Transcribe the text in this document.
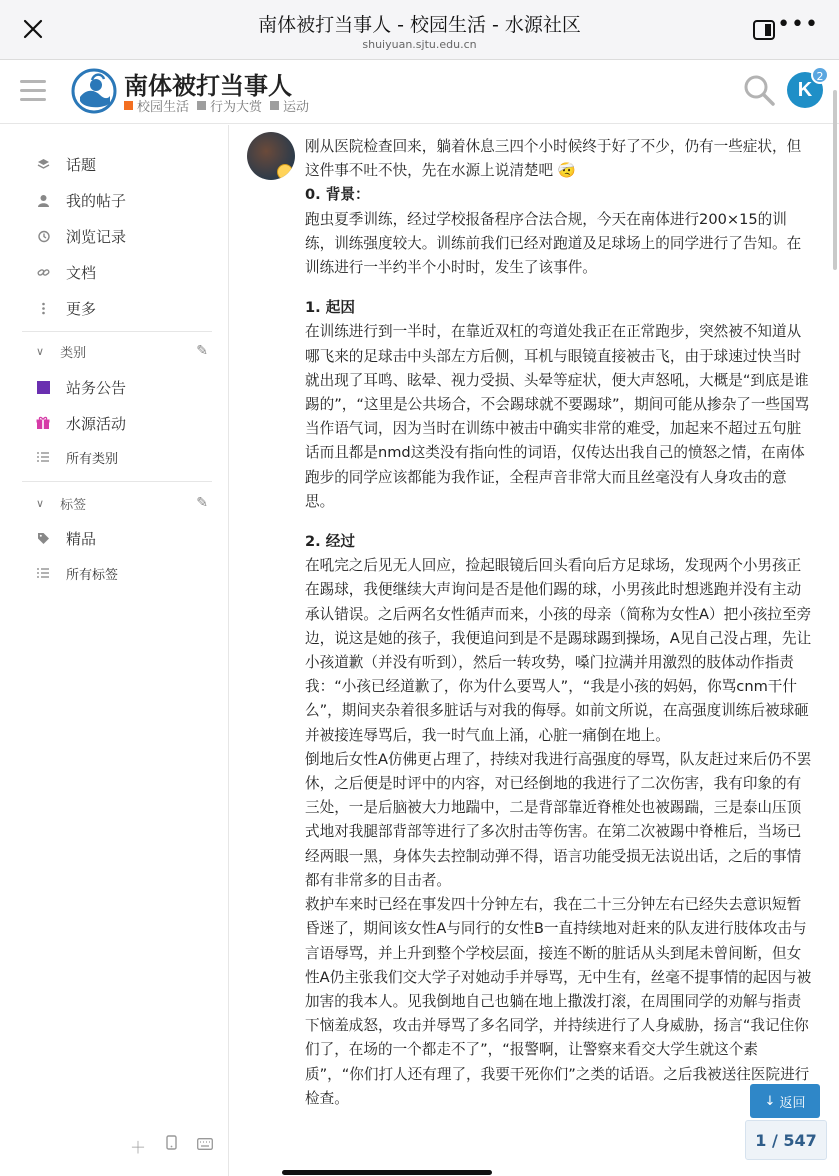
南体被打当事人 - 校园生活 - 水源社区
shuiyuan.sjtu.edu.cn
•••
南体被打当事人
校园生活 行为大赏 运动
K
2
话题
我的帖子
浏览记录
文档
更多
∨ 类别	✎
站务公告
水源活动
所有类别
∨ 标签	✎
精品
所有标签
＋

刚从医院检查回来，躺着休息三四个小时候终于好了不少，仍有一些症状，但这件事不吐不快，先在水源上说清楚吧 🤕

0. 背景：

跑虫夏季训练，经过学校报备程序合法合规，今天在南体进行200×15的训练，训练强度较大。训练前我们已经对跑道及足球场上的同学进行了告知。在训练进行一半约半个小时时，发生了该事件。

1. 起因

在训练进行到一半时，在靠近双杠的弯道处我正在正常跑步，突然被不知道从哪飞来的足球击中头部左方后侧，耳机与眼镜直接被击飞，由于球速过快当时就出现了耳鸣、眩晕、视力受损、头晕等症状，便大声怒吼，大概是“到底是谁踢的”，“这里是公共场合，不会踢球就不要踢球”，期间可能从掺杂了一些国骂当作语气词，因为当时在训练中被击中确实非常的难受，加起来不超过五句脏话而且都是nmd这类没有指向性的词语，仅传达出我自己的愤怒之情，在南体跑步的同学应该都能为我作证，全程声音非常大而且丝毫没有人身攻击的意思。

2. 经过

在吼完之后见无人回应，捡起眼镜后回头看向后方足球场，发现两个小男孩正在踢球，我便继续大声询问是否是他们踢的球，小男孩此时想逃跑并没有主动承认错误。之后两名女性循声而来，小孩的母亲（简称为女性A）把小孩拉至旁边，说这是她的孩子，我便追问到是不是踢球踢到操场，A见自己没占理，先让小孩道歉（并没有听到），然后一转攻势，嗓门拉满并用激烈的肢体动作指责我：“小孩已经道歉了，你为什么要骂人”，“我是小孩的妈妈，你骂cnm干什么”，期间夹杂着很多脏话与对我的侮辱。如前文所说，在高强度训练后被球砸并被接连辱骂后，我一时气血上涌，心脏一痛倒在地上。

倒地后女性A仿佛更占理了，持续对我进行高强度的辱骂，队友赶过来后仍不罢休，之后便是时评中的内容，对已经倒地的我进行了二次伤害，我有印象的有三处，一是后脑被大力地踹中，二是背部靠近脊椎处也被踢踹，三是泰山压顶式地对我腿部背部等进行了多次肘击等伤害。在第二次被踢中脊椎后，当场已经两眼一黑，身体失去控制动弹不得，语言功能受损无法说出话，之后的事情都有非常多的目击者。

救护车来时已经在事发四十分钟左右，我在二十三分钟左右已经失去意识短暂昏迷了，期间该女性A与同行的女性B一直持续地对赶来的队友进行肢体攻击与言语辱骂，并上升到整个学校层面，接连不断的脏话从头到尾未曾间断，但女性A仍主张我们交大学子对她动手并辱骂，无中生有，丝毫不提事情的起因与被加害的我本人。见我倒地自己也躺在地上撒泼打滚，在周围同学的劝解与指责下恼羞成怒，攻击并辱骂了多名同学，并持续进行了人身威胁，扬言“我记住你们了，在场的一个都走不了”，“报警啊，让警察来看交大学生就这个素质”，“你们打人还有理了，我要干死你们”之类的话语。之后我被送往医院进行检查。	↓ 返回
1 / 547
